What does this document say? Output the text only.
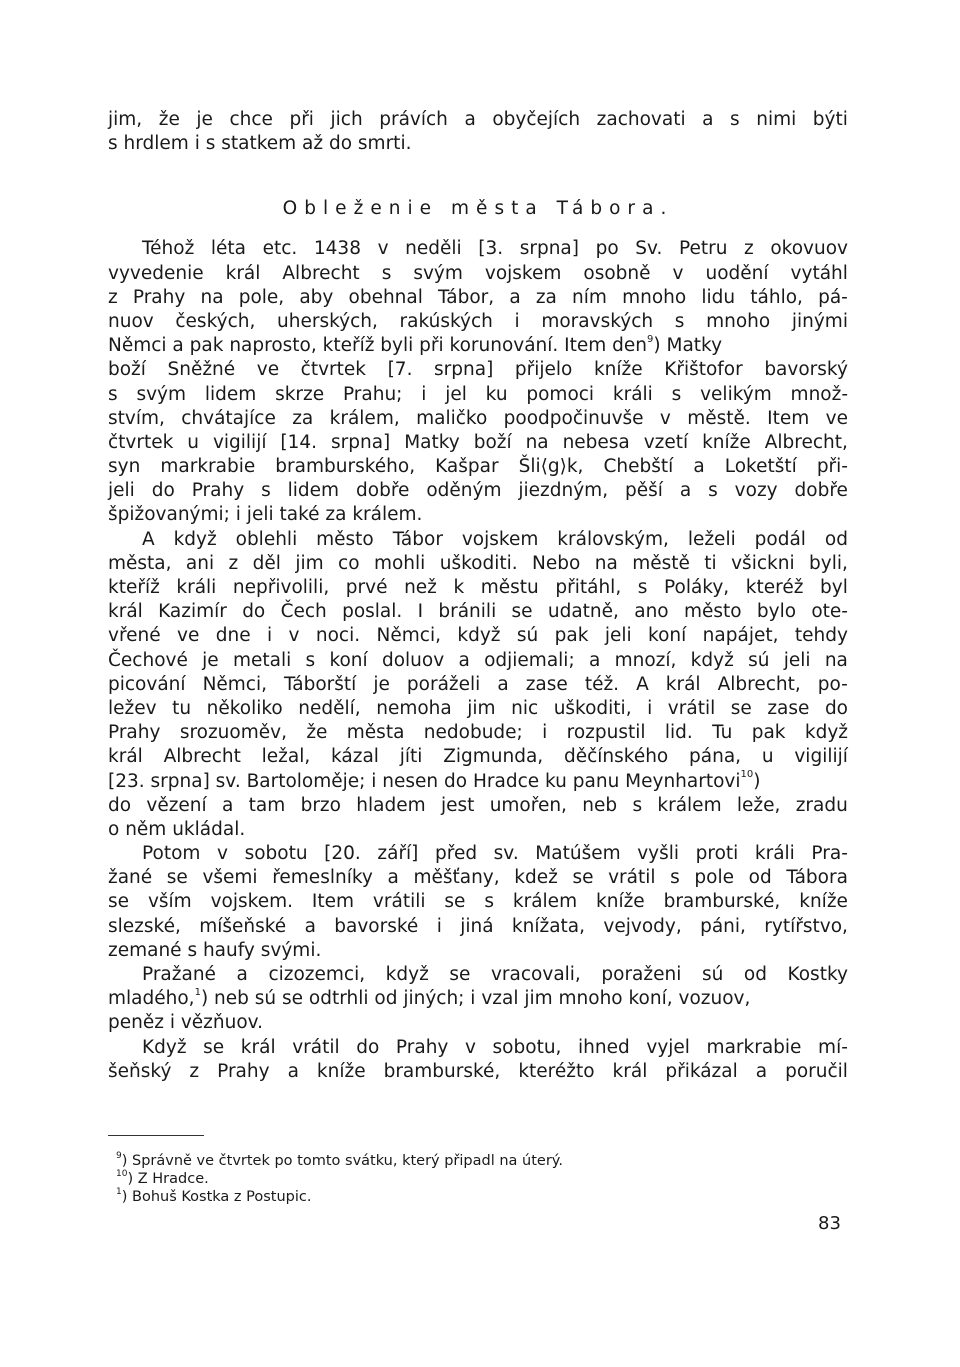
jim, že je chce při jich právích a obyčejích zachovati a s nimi býti
s hrdlem i s statkem až do smrti.
Obleženie města Tábora.
Téhož léta etc. 1438 v neděli [3. srpna] po Sv. Petru z okovuov
vyvedenie král Albrecht s svým vojskem osobně v uodění vytáhl
z Prahy na pole, aby obehnal Tábor, a za ním mnoho lidu táhlo, pá-
nuov českých, uherských, rakúských i moravských s mnoho jinými
Němci a pak naprosto, kteříž byli při korunování. Item den$^9$) Matky
boží Sněžné ve čtvrtek [7. srpna] přijelo kníže Křištofor bavorský
s svým lidem skrze Prahu; i jel ku pomoci králi s velikým množ-
stvím, chvátajíce za králem, maličko poodpočinuvše v městě. Item ve
čtvrtek u vigilijí [14. srpna] Matky boží na nebesa vzetí kníže Albrecht,
syn markrabie bramburského, Kašpar Šli⟨g⟩k, Chebští a Loketští při-
jeli do Prahy s lidem dobře oděným jiezdným, pěší a s vozy dobře
špižovanými; i jeli také za králem.
A když oblehli město Tábor vojskem královským, leželi podál od
města, ani z děl jim co mohli uškoditi. Nebo na městě ti všickni byli,
kteříž králi nepřivolili, prvé než k městu přitáhl, s Poláky, kteréž byl
král Kazimír do Čech poslal. I bránili se udatně, ano město bylo ote-
vřené ve dne i v noci. Němci, když sú pak jeli koní napájet, tehdy
Čechové je metali s koní doluov a odjiemali; a mnozí, když sú jeli na
picování Němci, Táborští je poráželi a zase též. A král Albrecht, po-
ležev tu několiko nedělí, nemoha jim nic uškoditi, i vrátil se zase do
Prahy srozuoměv, že města nedobude; i rozpustil lid. Tu pak když
král Albrecht ležal, kázal jíti Zigmunda, děčínského pána, u vigilijí
[23. srpna] sv. Bartoloměje; i nesen do Hradce ku panu Meynhartovi$^{10}$)
do vězení a tam brzo hladem jest umořen, neb s králem leže, zradu
o něm ukládal.
Potom v sobotu [20. září] před sv. Matúšem vyšli proti králi Pra-
žané se všemi řemeslníky a měšťany, kdež se vrátil s pole od Tábora
se vším vojskem. Item vrátili se s králem kníže bramburské, kníže
slezské, míšeňské a bavorské i jiná knížata, vejvody, páni, rytířstvo,
zemané s haufy svými.
Pražané a cizozemci, když se vracovali, poraženi sú od Kostky
mladého,$^1$) neb sú se odtrhli od jiných; i vzal jim mnoho koní, vozuov,
peněz i vězňuov.
Když se král vrátil do Prahy v sobotu, ihned vyjel markrabie mí-
šeňský z Prahy a kníže bramburské, kteréžto král přikázal a poručil
$^9$) Správně ve čtvrtek po tomto svátku, který připadl na úterý.
$^{10}$) Z Hradce.
$^1$) Bohuš Kostka z Postupic.
83
